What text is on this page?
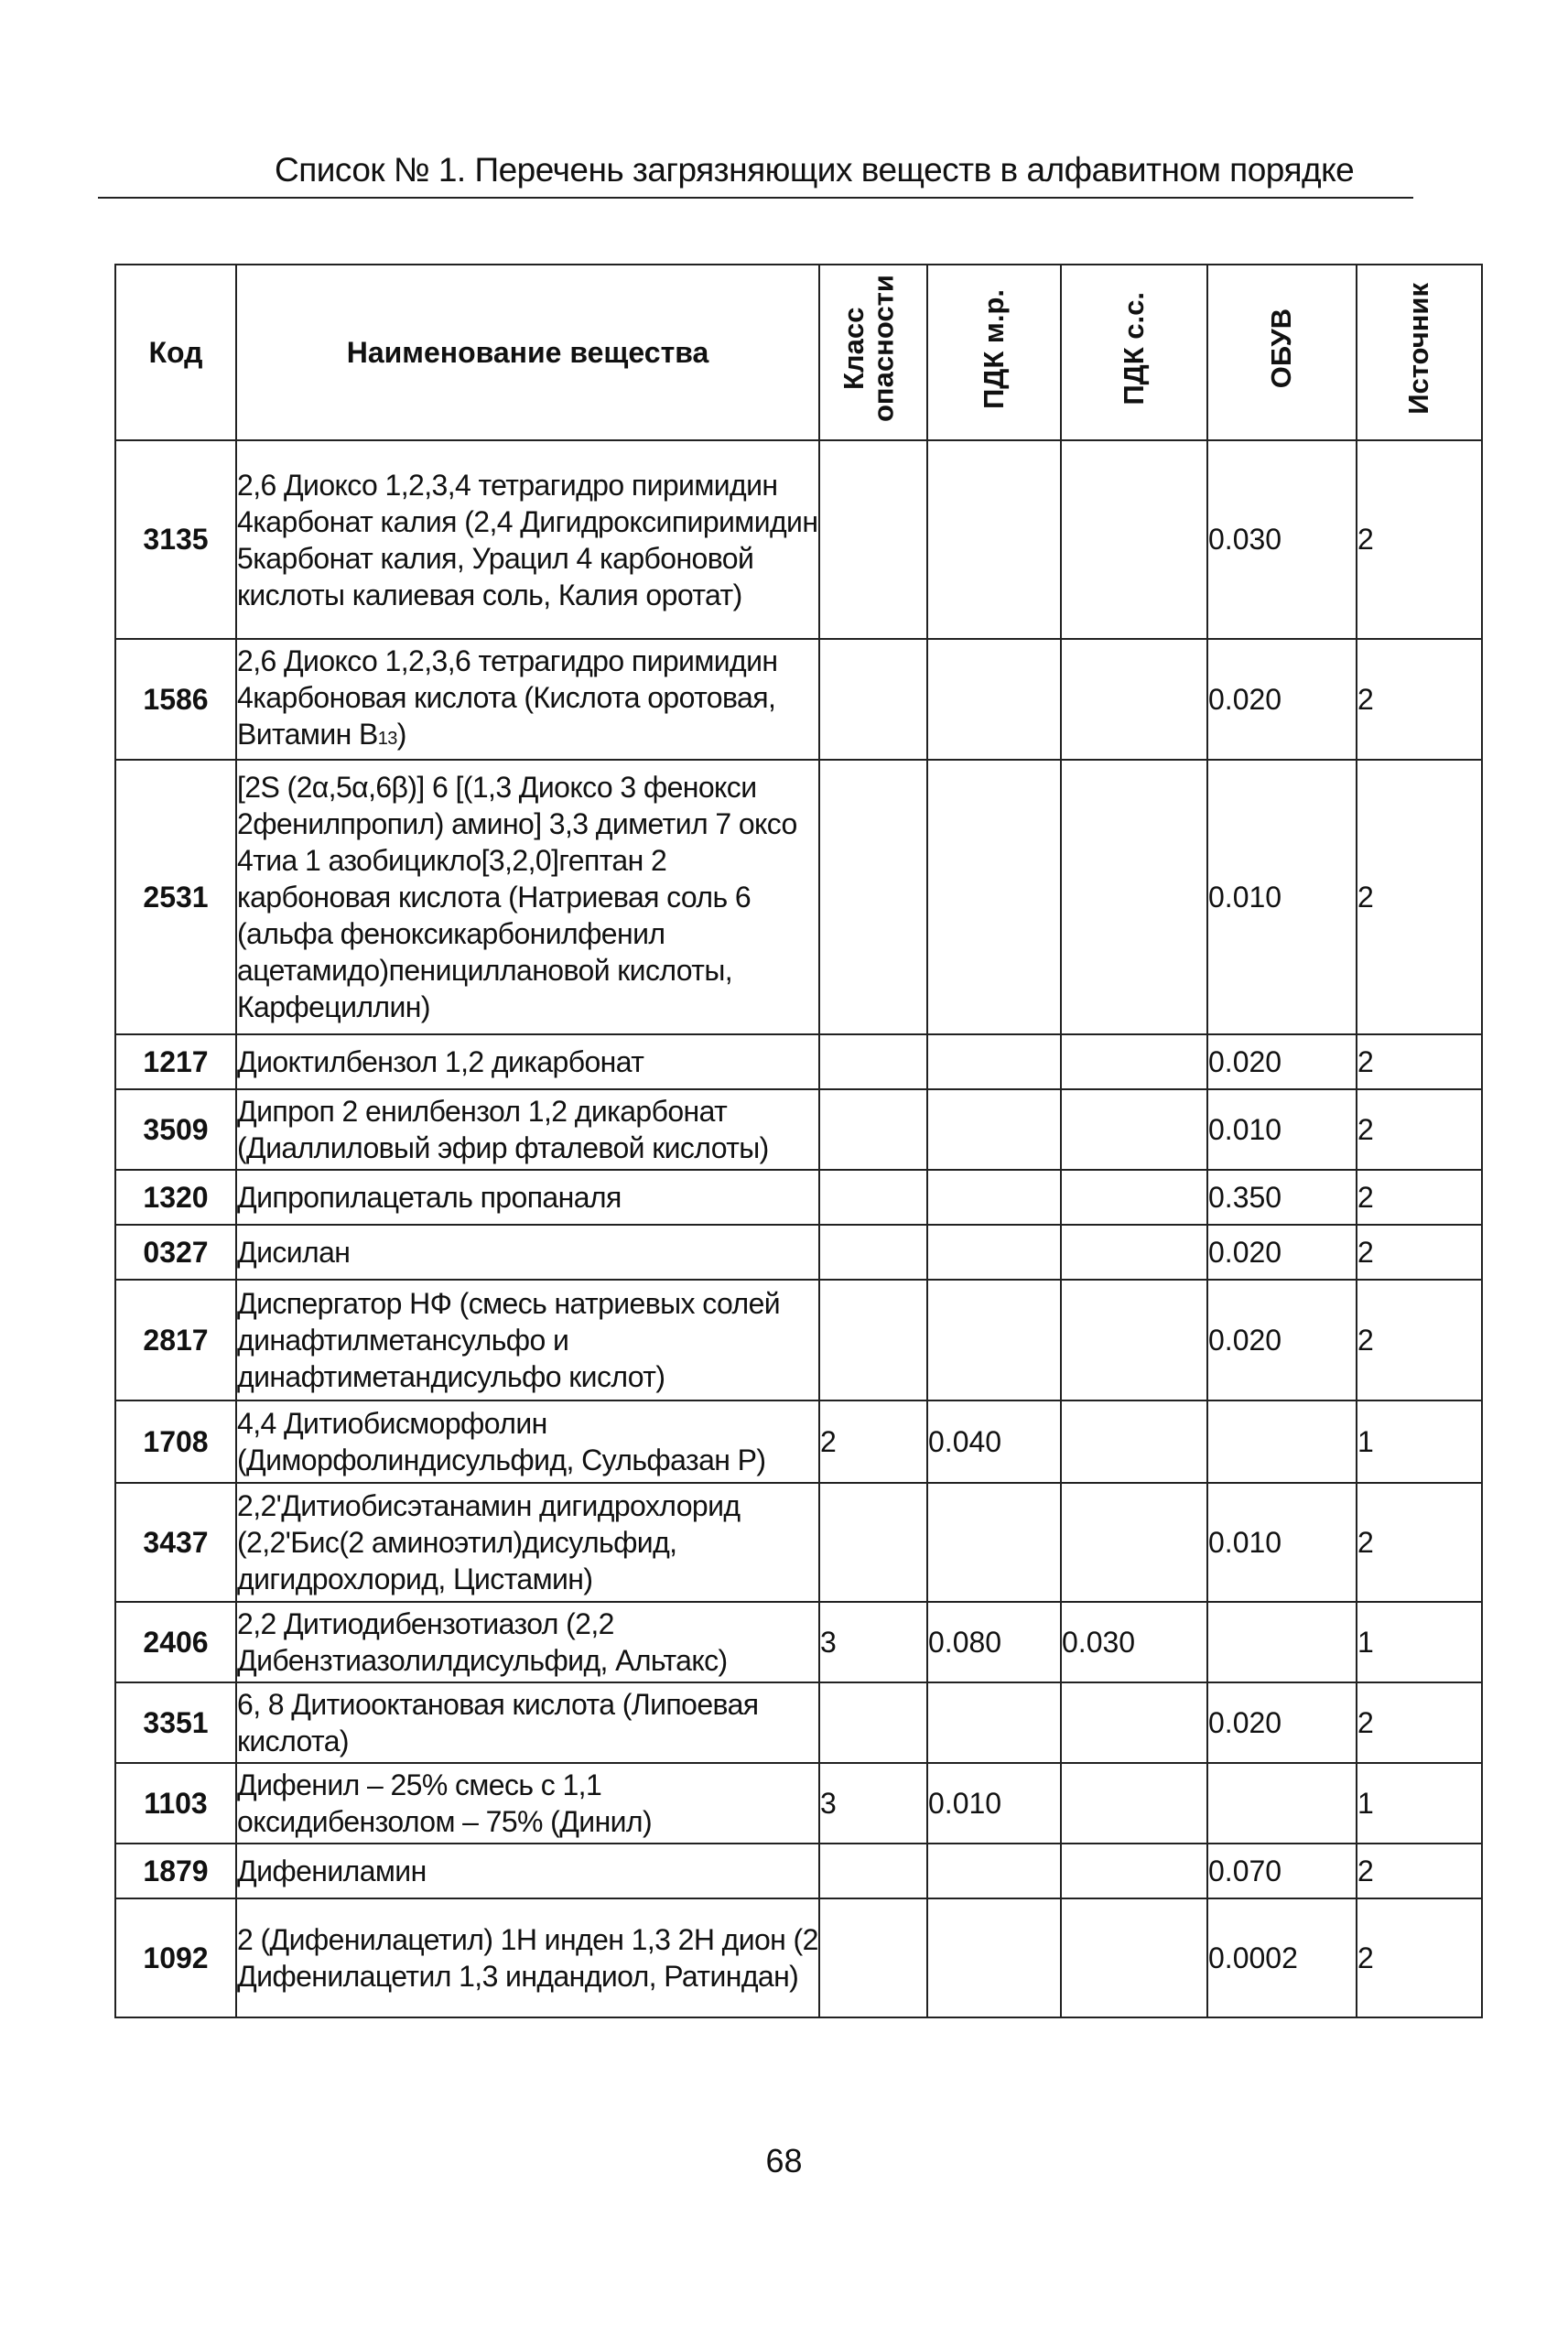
Список № 1. Перечень загрязняющих веществ в алфавитном порядке
Код	Наименование вещества	Класс опасности	ПДК м.р.	ПДК с.с.	ОБУВ	Источник
3135	2,6 Диоксо 1,2,3,4 тетрагидро пиримидин 4карбонат калия (2,4 Дигидроксипиримидин 5карбонат калия, Урацил 4 карбоновой кислоты калиевая соль, Калия оротат)				0.030	2
1586	2,6 Диоксо 1,2,3,6 тетрагидро пиримидин 4карбоновая кислота (Кислота оротовая, Витамин В13)				0.020	2
2531	[2S (2α,5α,6β)] 6 [(1,3 Диоксо 3 фенокси 2фенилпропил) амино] 3,3 диметил 7 оксо 4тиа 1 азобицикло[3,2,0]гептан 2 карбоновая кислота (Натриевая соль 6 (альфа феноксикарбонилфенил ацетамидо)пенициллановой кислоты, Карфециллин)				0.010	2
1217	Диоктилбензол 1,2 дикарбонат				0.020	2
3509	Дипроп 2 енилбензол 1,2 дикарбонат (Диаллиловый эфир фталевой кислоты)				0.010	2
1320	Дипропилацеталь пропаналя				0.350	2
0327	Дисилан				0.020	2
2817	Диспергатор НФ (смесь натриевых солей динафтилметансульфо и динафтиметандисульфо кислот)				0.020	2
1708	4,4 Дитиобисморфолин (Диморфолиндисульфид, Сульфазан Р)	2	0.040			1
3437	2,2'Дитиобисэтанамин дигидрохлорид (2,2'Бис(2 аминоэтил)дисульфид, дигидрохлорид, Цистамин)				0.010	2
2406	2,2 Дитиодибензотиазол (2,2 Дибензтиазолилдисульфид, Альтакс)	3	0.080	0.030		1
3351	6, 8 Дитиооктановая кислота (Липоевая кислота)				0.020	2
1103	Дифенил – 25% смесь с 1,1 оксидибензолом – 75% (Динил)	3	0.010			1
1879	Дифениламин				0.070	2
1092	2 (Дифенилацетил) 1Н инден 1,3 2Н дион (2 Дифенилацетил 1,3 индандиол, Ратиндан)				0.0002	2
68
